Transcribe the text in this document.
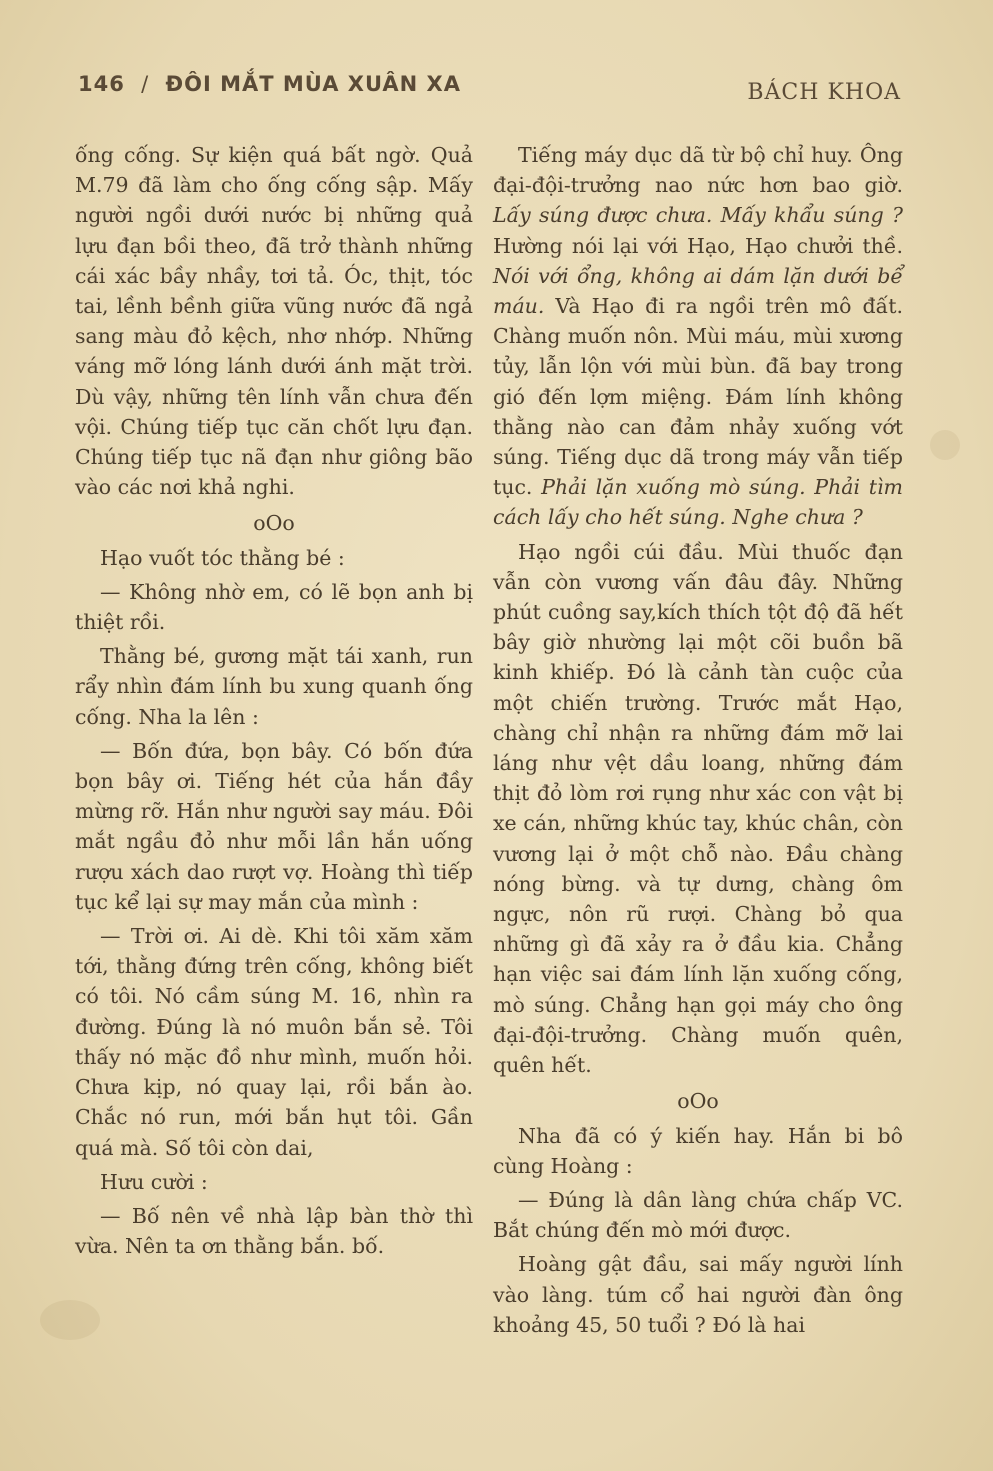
146 / ĐÔI MẮT MÙA XUÂN XA	BÁCH KHOA

ống cống. Sự kiện quá bất ngờ. Quả M.79 đã làm cho ống cống sập. Mấy người ngồi dưới nước bị những quả lựu đạn bồi theo, đã trở thành những cái xác bầy nhầy, tơi tả. Óc, thịt, tóc tai, lềnh bềnh giữa vũng nước đã ngả sang màu đỏ kệch, nhơ nhớp. Những váng mỡ lóng lánh dưới ánh mặt trời. Dù vậy, những tên lính vẫn chưa đến vội. Chúng tiếp tục căn chốt lựu đạn. Chúng tiếp tục nã đạn như giông bão vào các nơi khả nghi.

oOo

Hạo vuốt tóc thằng bé :

— Không nhờ em, có lẽ bọn anh bị thiệt rồi.

Thằng bé, gương mặt tái xanh, run rẩy nhìn đám lính bu xung quanh ống cống. Nha la lên :

— Bốn đứa, bọn bây. Có bốn đứa bọn bây ơi. Tiếng hét của hắn đầy mừng rỡ. Hắn như người say máu. Đôi mắt ngầu đỏ như mỗi lần hắn uống rượu xách dao rượt vợ. Hoàng thì tiếp tục kể lại sự may mắn của mình :

— Trời ơi. Ai dè. Khi tôi xăm xăm tới, thằng đứng trên cống, không biết có tôi. Nó cầm súng M. 16, nhìn ra đường. Đúng là nó muôn bắn sẻ. Tôi thấy nó mặc đồ như mình, muốn hỏi. Chưa kịp, nó quay lại, rồi bắn ào. Chắc nó run, mới bắn hụt tôi. Gần quá mà. Số tôi còn dai,

Hưu cười :

— Bố nên về nhà lập bàn thờ thì vừa. Nên ta ơn thằng bắn. bố.

Tiếng máy dục dã từ bộ chỉ huy. Ông đại-đội-trưởng nao nức hơn bao giờ. Lấy súng được chưa. Mấy khẩu súng ? Hường nói lại với Hạo, Hạo chưởi thề. Nói với ổng, không ai dám lặn dưới bể máu. Và Hạo đi ra ngồi trên mô đất. Chàng muốn nôn. Mùi máu, mùi xương tủy, lẫn lộn với mùi bùn. đã bay trong gió đến lợm miệng. Đám lính không thằng nào can đảm nhảy xuống vớt súng. Tiếng dục dã trong máy vẫn tiếp tục. Phải lặn xuống mò súng. Phải tìm cách lấy cho hết súng. Nghe chưa ?

Hạo ngồi cúi đầu. Mùi thuốc đạn vẫn còn vương vấn đâu đây. Những phút cuồng say,kích thích tột độ đã hết bây giờ nhường lại một cõi buồn bã kinh khiếp. Đó là cảnh tàn cuộc của một chiến trường. Trước mắt Hạo, chàng chỉ nhận ra những đám mỡ lai láng như vệt dầu loang, những đám thịt đỏ lòm rơi rụng như xác con vật bị xe cán, những khúc tay, khúc chân, còn vương lại ở một chỗ nào. Đầu chàng nóng bừng. và tự dưng, chàng ôm ngực, nôn rũ rượi. Chàng bỏ qua những gì đã xảy ra ở đầu kia. Chẳng hạn việc sai đám lính lặn xuống cống, mò súng. Chẳng hạn gọi máy cho ông đại-đội-trưởng. Chàng muốn quên, quên hết.

oOo

Nha đã có ý kiến hay. Hắn bi bô cùng Hoàng :

— Đúng là dân làng chứa chấp VC. Bắt chúng đến mò mới được.

Hoàng gật đầu, sai mấy người lính vào làng. túm cổ hai người đàn ông khoảng 45, 50 tuổi ? Đó là hai
